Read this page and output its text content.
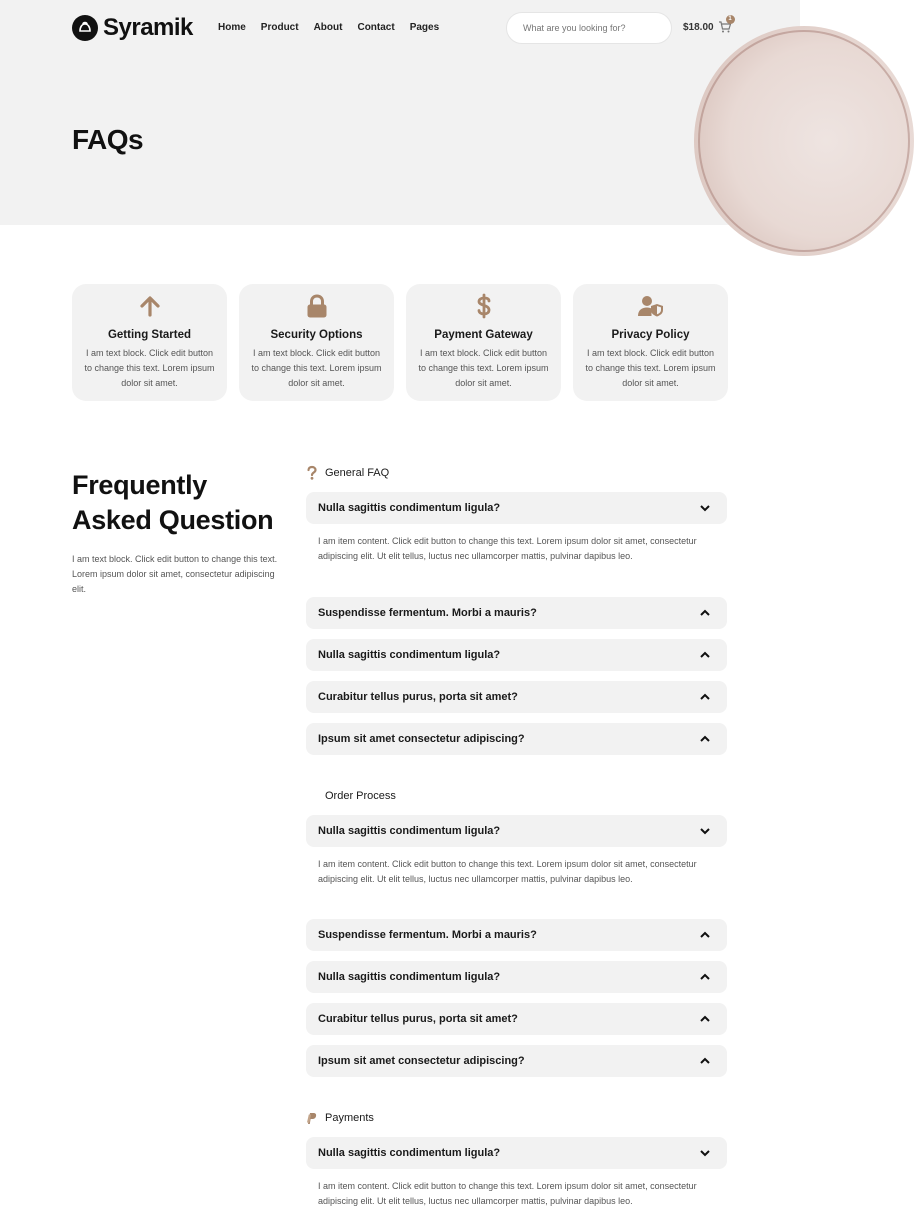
Syramik	Home Product About Contact Pages
What are you looking for?	$18.00
1
FAQs
Getting Started
I am text block. Click edit button to change this text. Lorem ipsum dolor sit amet.
Security Options
I am text block. Click edit button to change this text. Lorem ipsum dolor sit amet.
Payment Gateway
I am text block. Click edit button to change this text. Lorem ipsum dolor sit amet.
Privacy Policy
I am text block. Click edit button to change this text. Lorem ipsum dolor sit amet.
Frequently Asked Question

I am text block. Click edit button to change this text. Lorem ipsum dolor sit amet, consectetur adipiscing elit.

General FAQ
Nulla sagittis condimentum ligula?

I am item content. Click edit button to change this text. Lorem ipsum dolor sit amet, consectetur adipiscing elit. Ut elit tellus, luctus nec ullamcorper mattis, pulvinar dapibus leo.

Suspendisse fermentum. Morbi a mauris?
Nulla sagittis condimentum ligula?
Curabitur tellus purus, porta sit amet?
Ipsum sit amet consectetur adipiscing?
Order Process
Nulla sagittis condimentum ligula?

I am item content. Click edit button to change this text. Lorem ipsum dolor sit amet, consectetur adipiscing elit. Ut elit tellus, luctus nec ullamcorper mattis, pulvinar dapibus leo.

Suspendisse fermentum. Morbi a mauris?
Nulla sagittis condimentum ligula?
Curabitur tellus purus, porta sit amet?
Ipsum sit amet consectetur adipiscing?
Payments
Nulla sagittis condimentum ligula?

I am item content. Click edit button to change this text. Lorem ipsum dolor sit amet, consectetur adipiscing elit. Ut elit tellus, luctus nec ullamcorper mattis, pulvinar dapibus leo.
